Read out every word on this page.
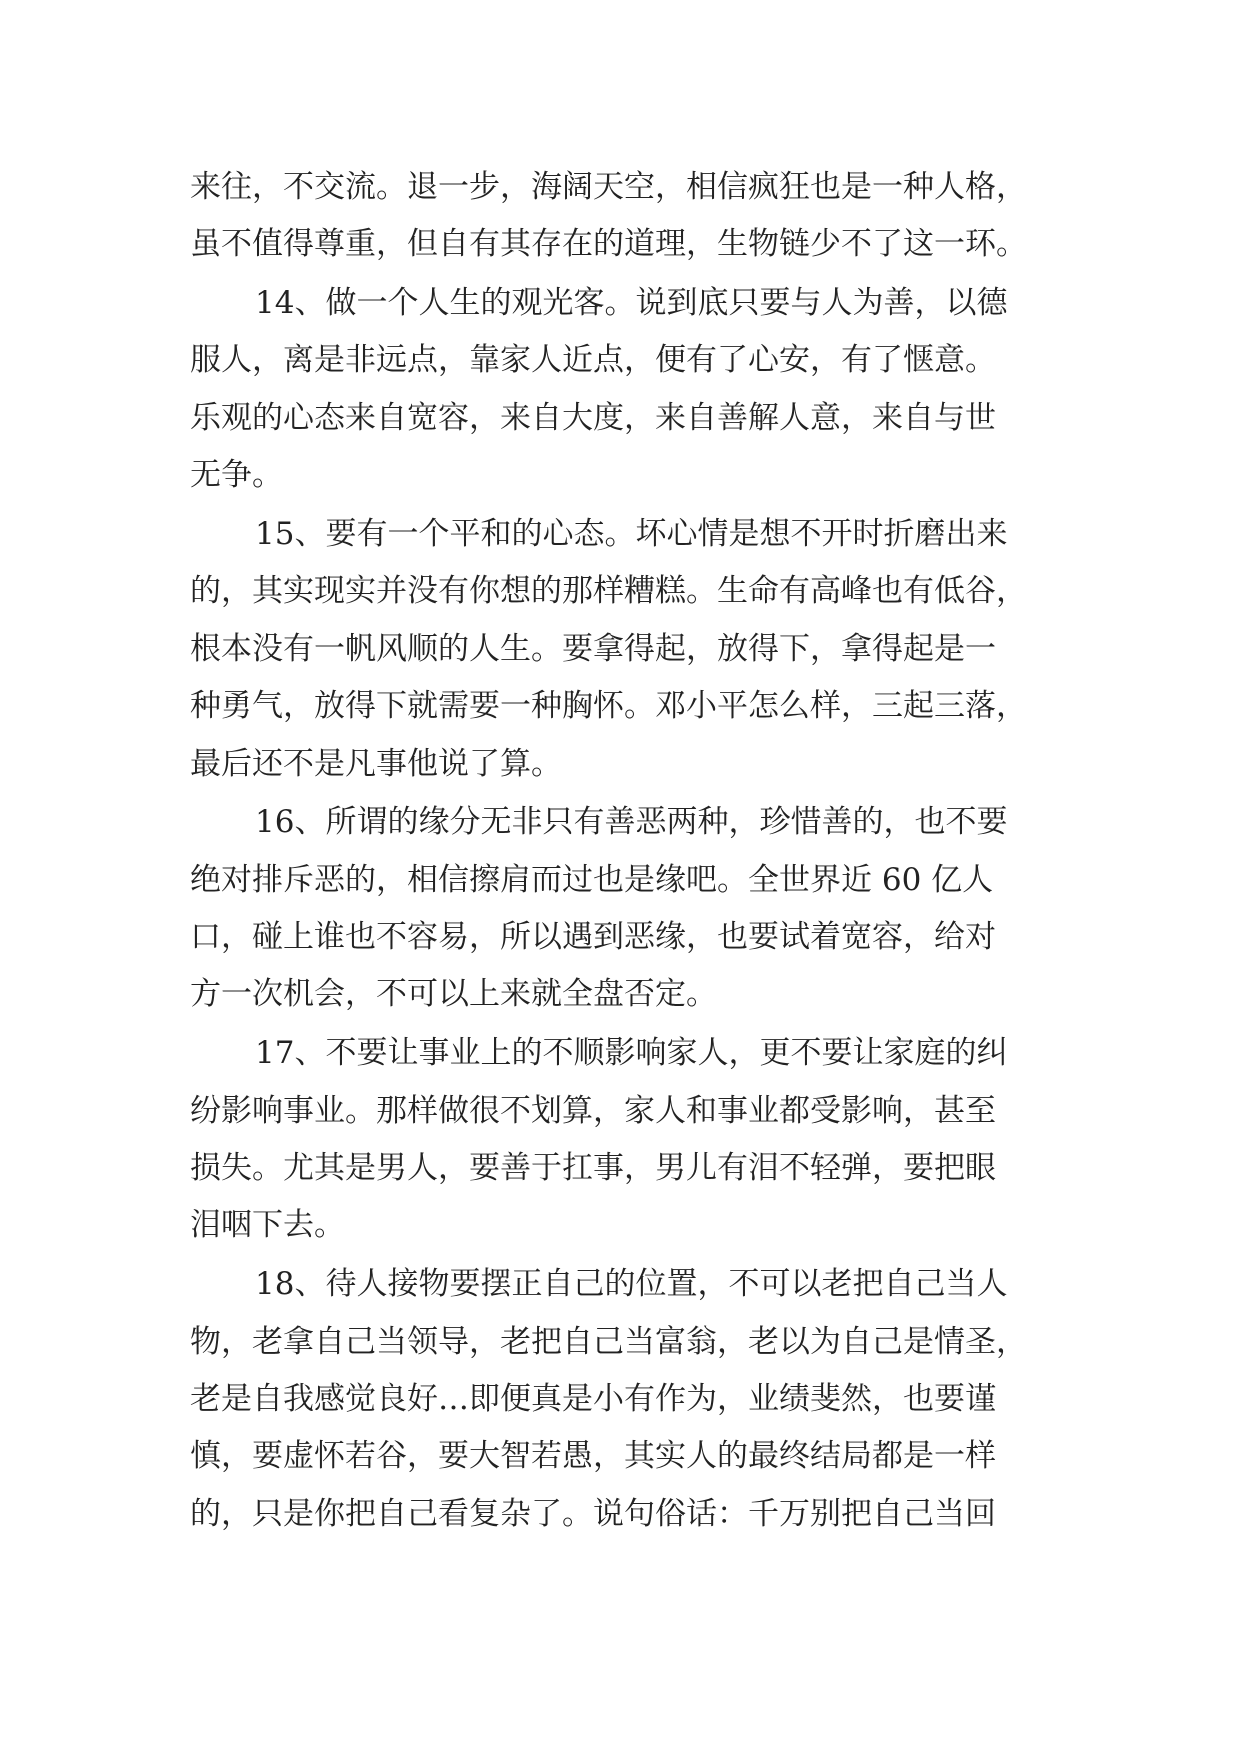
来往，不交流。退一步，海阔天空，相信疯狂也是一种人格，
虽不值得尊重，但自有其存在的道理，生物链少不了这一环。
14、做一个人生的观光客。说到底只要与人为善，以德
服人，离是非远点，靠家人近点，便有了心安，有了惬意。
乐观的心态来自宽容，来自大度，来自善解人意，来自与世
无争。
15、要有一个平和的心态。坏心情是想不开时折磨出来
的，其实现实并没有你想的那样糟糕。生命有高峰也有低谷，
根本没有一帆风顺的人生。要拿得起，放得下，拿得起是一
种勇气，放得下就需要一种胸怀。邓小平怎么样，三起三落，
最后还不是凡事他说了算。
16、所谓的缘分无非只有善恶两种，珍惜善的，也不要
绝对排斥恶的，相信擦肩而过也是缘吧。全世界近 60 亿人
口，碰上谁也不容易，所以遇到恶缘，也要试着宽容，给对
方一次机会，不可以上来就全盘否定。
17、不要让事业上的不顺影响家人，更不要让家庭的纠
纷影响事业。那样做很不划算，家人和事业都受影响，甚至
损失。尤其是男人，要善于扛事，男儿有泪不轻弹，要把眼
泪咽下去。
18、待人接物要摆正自己的位置，不可以老把自己当人
物，老拿自己当领导，老把自己当富翁，老以为自己是情圣，
老是自我感觉良好…即便真是小有作为，业绩斐然，也要谨
慎，要虚怀若谷，要大智若愚，其实人的最终结局都是一样
的，只是你把自己看复杂了。说句俗话：千万别把自己当回
